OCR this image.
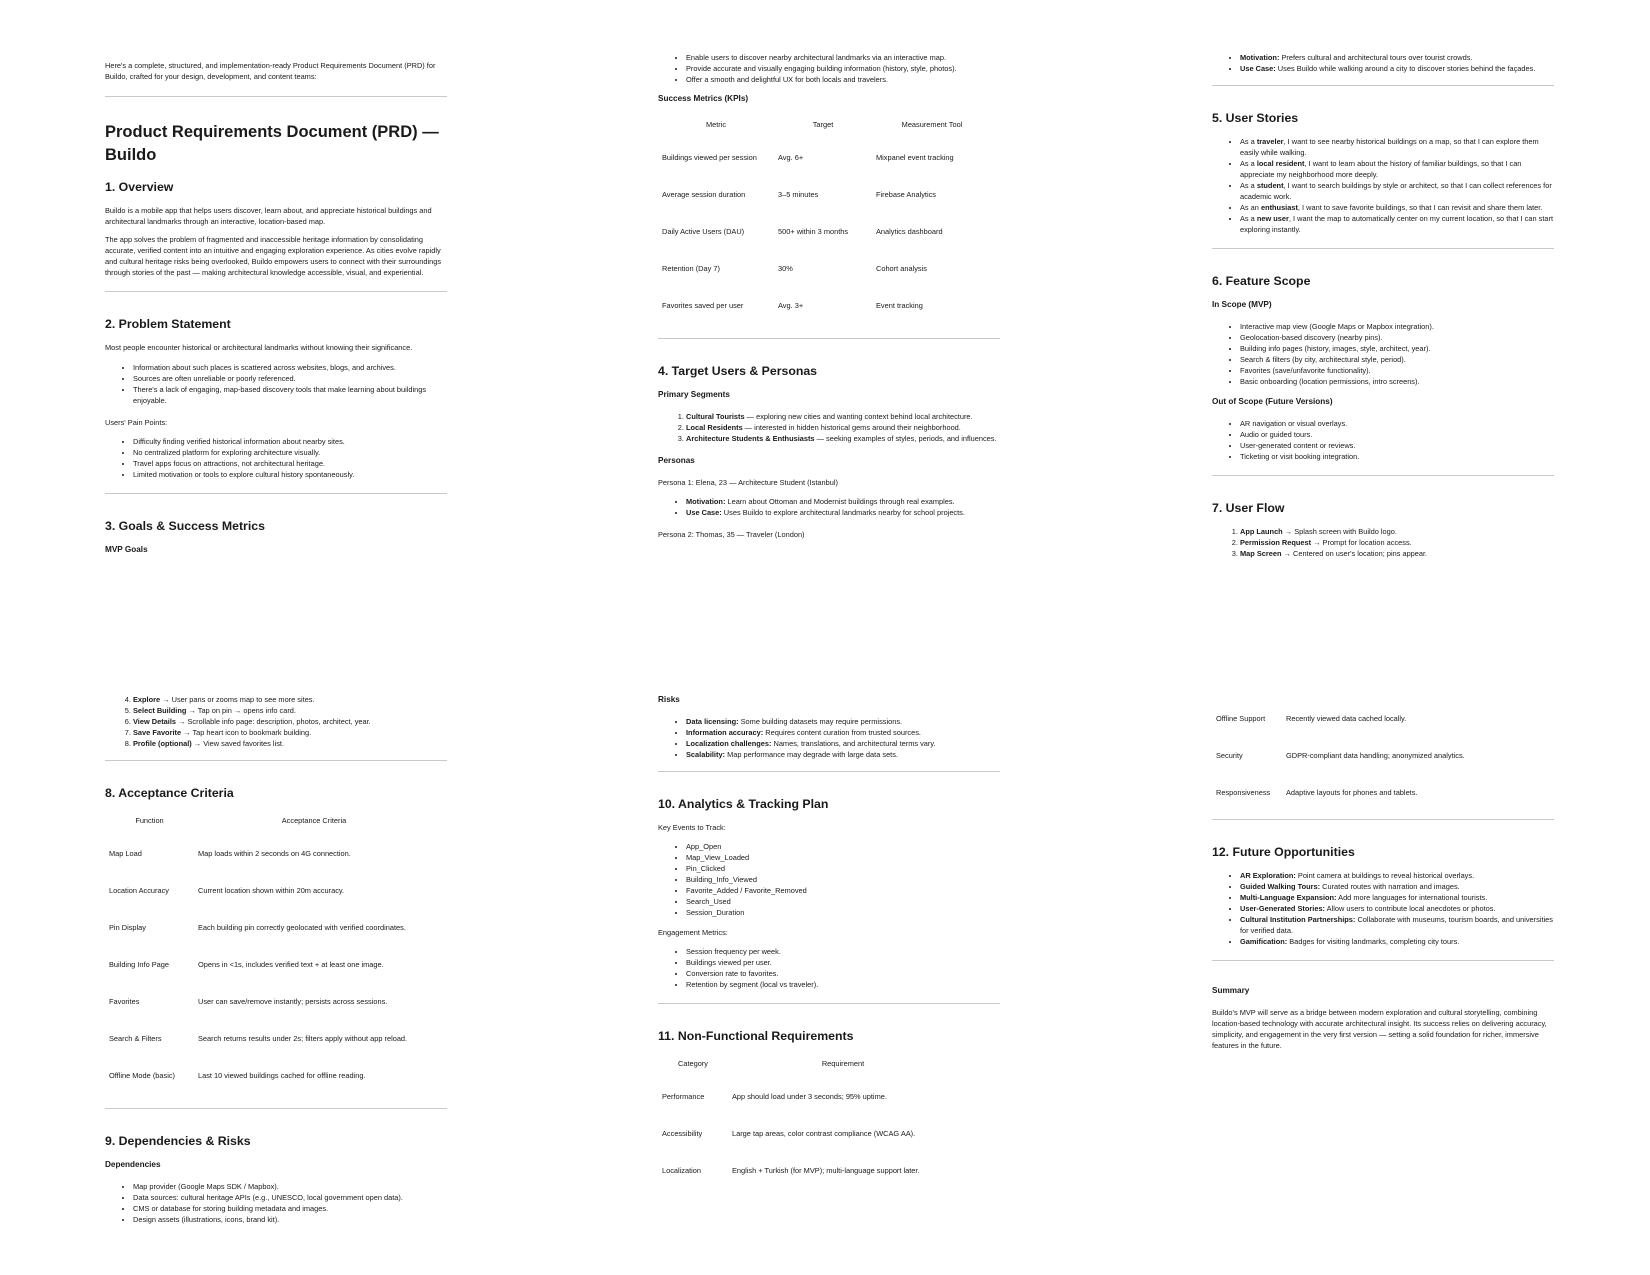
Here's a complete, structured, and implementation-ready Product Requirements Document (PRD) for Buildo, crafted for your design, development, and content teams:

Product Requirements Document (PRD) — Buildo
1. Overview

Buildo is a mobile app that helps users discover, learn about, and appreciate historical buildings and architectural landmarks through an interactive, location-based map.

The app solves the problem of fragmented and inaccessible heritage information by consolidating accurate, verified content into an intuitive and engaging exploration experience. As cities evolve rapidly and cultural heritage risks being overlooked, Buildo empowers users to connect with their surroundings through stories of the past — making architectural knowledge accessible, visual, and experiential.

2. Problem Statement

Most people encounter historical or architectural landmarks without knowing their significance.

• Information about such places is scattered across websites, blogs, and archives.
• Sources are often unreliable or poorly referenced.
• There's a lack of engaging, map-based discovery tools that make learning about buildings enjoyable.

Users' Pain Points:

• Difficulty finding verified historical information about nearby sites.
• No centralized platform for exploring architecture visually.
• Travel apps focus on attractions, not architectural heritage.
• Limited motivation or tools to explore cultural history spontaneously.
3. Goals & Success Metrics
MVP Goals
• Enable users to discover nearby architectural landmarks via an interactive map.
• Provide accurate and visually engaging building information (history, style, photos).
• Offer a smooth and delightful UX for both locals and travelers.
Success Metrics (KPIs)
Metric	Target	Measurement Tool
Buildings viewed per session	Avg. 6+	Mixpanel event tracking
Average session duration	3–5 minutes	Firebase Analytics
Daily Active Users (DAU)	500+ within 3 months	Analytics dashboard
Retention (Day 7)	30%	Cohort analysis
Favorites saved per user	Avg. 3+	Event tracking
4. Target Users & Personas
Primary Segments
1. Cultural Tourists — exploring new cities and wanting context behind local architecture.
2. Local Residents — interested in hidden historical gems around their neighborhood.
3. Architecture Students & Enthusiasts — seeking examples of styles, periods, and influences.
Personas

Persona 1: Elena, 23 — Architecture Student (Istanbul)

• Motivation: Learn about Ottoman and Modernist buildings through real examples.
• Use Case: Uses Buildo to explore architectural landmarks nearby for school projects.

Persona 2: Thomas, 35 — Traveler (London)

• Motivation: Prefers cultural and architectural tours over tourist crowds.
• Use Case: Uses Buildo while walking around a city to discover stories behind the façades.
5. User Stories
• As a traveler, I want to see nearby historical buildings on a map, so that I can explore them easily while walking.
• As a local resident, I want to learn about the history of familiar buildings, so that I can appreciate my neighborhood more deeply.
• As a student, I want to search buildings by style or architect, so that I can collect references for academic work.
• As an enthusiast, I want to save favorite buildings, so that I can revisit and share them later.
• As a new user, I want the map to automatically center on my current location, so that I can start exploring instantly.
6. Feature Scope
In Scope (MVP)
• Interactive map view (Google Maps or Mapbox integration).
• Geolocation-based discovery (nearby pins).
• Building info pages (history, images, style, architect, year).
• Search & filters (by city, architectural style, period).
• Favorites (save/unfavorite functionality).
• Basic onboarding (location permissions, intro screens).
Out of Scope (Future Versions)
• AR navigation or visual overlays.
• Audio or guided tours.
• User-generated content or reviews.
• Ticketing or visit booking integration.
7. User Flow
1. App Launch → Splash screen with Buildo logo.
2. Permission Request → Prompt for location access.
3. Map Screen → Centered on user's location; pins appear.
4. Explore → User pans or zooms map to see more sites.
5. Select Building → Tap on pin → opens info card.
6. View Details → Scrollable info page: description, photos, architect, year.
7. Save Favorite → Tap heart icon to bookmark building.
8. Profile (optional) → View saved favorites list.
8. Acceptance Criteria
Function	Acceptance Criteria
Map Load	Map loads within 2 seconds on 4G connection.
Location Accuracy	Current location shown within 20m accuracy.
Pin Display	Each building pin correctly geolocated with verified coordinates.
Building Info Page	Opens in <1s, includes verified text + at least one image.
Favorites	User can save/remove instantly; persists across sessions.
Search & Filters	Search returns results under 2s; filters apply without app reload.
Offline Mode (basic)	Last 10 viewed buildings cached for offline reading.
9. Dependencies & Risks
Dependencies
• Map provider (Google Maps SDK / Mapbox).
• Data sources: cultural heritage APIs (e.g., UNESCO, local government open data).
• CMS or database for storing building metadata and images.
• Design assets (illustrations, icons, brand kit).
Risks
• Data licensing: Some building datasets may require permissions.
• Information accuracy: Requires content curation from trusted sources.
• Localization challenges: Names, translations, and architectural terms vary.
• Scalability: Map performance may degrade with large data sets.
10. Analytics & Tracking Plan

Key Events to Track:

• App_Open
• Map_View_Loaded
• Pin_Clicked
• Building_Info_Viewed
• Favorite_Added / Favorite_Removed
• Search_Used
• Session_Duration

Engagement Metrics:

• Session frequency per week.
• Buildings viewed per user.
• Conversion rate to favorites.
• Retention by segment (local vs traveler).
11. Non-Functional Requirements
Category	Requirement
Performance	App should load under 3 seconds; 95% uptime.
Accessibility	Large tap areas, color contrast compliance (WCAG AA).
Localization	English + Turkish (for MVP); multi-language support later.
Offline Support	Recently viewed data cached locally.
Security	GDPR-compliant data handling; anonymized analytics.
Responsiveness	Adaptive layouts for phones and tablets.
12. Future Opportunities
• AR Exploration: Point camera at buildings to reveal historical overlays.
• Guided Walking Tours: Curated routes with narration and images.
• Multi-Language Expansion: Add more languages for international tourists.
• User-Generated Stories: Allow users to contribute local anecdotes or photos.
• Cultural Institution Partnerships: Collaborate with museums, tourism boards, and universities for verified data.
• Gamification: Badges for visiting landmarks, completing city tours.
Summary

Buildo's MVP will serve as a bridge between modern exploration and cultural storytelling, combining location-based technology with accurate architectural insight. Its success relies on delivering accuracy, simplicity, and engagement in the very first version — setting a solid foundation for richer, immersive features in the future.
